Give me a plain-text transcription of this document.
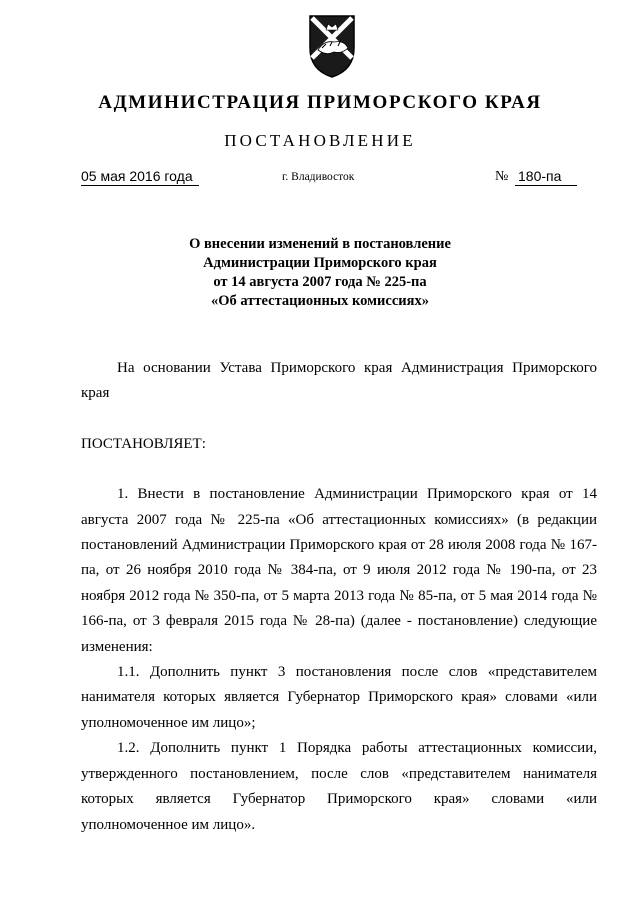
АДМИНИСТРАЦИЯ ПРИМОРСКОГО КРАЯ
ПОСТАНОВЛЕНИЕ
05 мая 2016 года	г. Владивосток	№ 180-па
О внесении изменений в постановление
Администрации Приморского края
от 14 августа 2007 года № 225-па
«Об аттестационных комиссиях»

На основании Устава Приморского края Администрация Приморского края

ПОСТАНОВЛЯЕТ:

1. Внести в постановление Администрации Приморского края от 14 августа 2007 года № 225-па «Об аттестационных комиссиях» (в редакции постановлений Администрации Приморского края от 28 июля 2008 года № 167-па, от 26 ноября 2010 года № 384-па, от 9 июля 2012 года № 190-па, от 23 ноября 2012 года № 350-па, от 5 марта 2013 года № 85-па, от 5 мая 2014 года № 166-па, от 3 февраля 2015 года № 28-па) (далее - постановление) следующие изменения:

1.1. Дополнить пункт 3 постановления после слов «представителем нанимателя которых является Губернатор Приморского края» словами «или уполномоченное им лицо»;

1.2. Дополнить пункт 1 Порядка работы аттестационных комиссии, утвержденного постановлением, после слов «представителем нанимателя которых является Губернатор Приморского края» словами «или уполномоченное им лицо».
